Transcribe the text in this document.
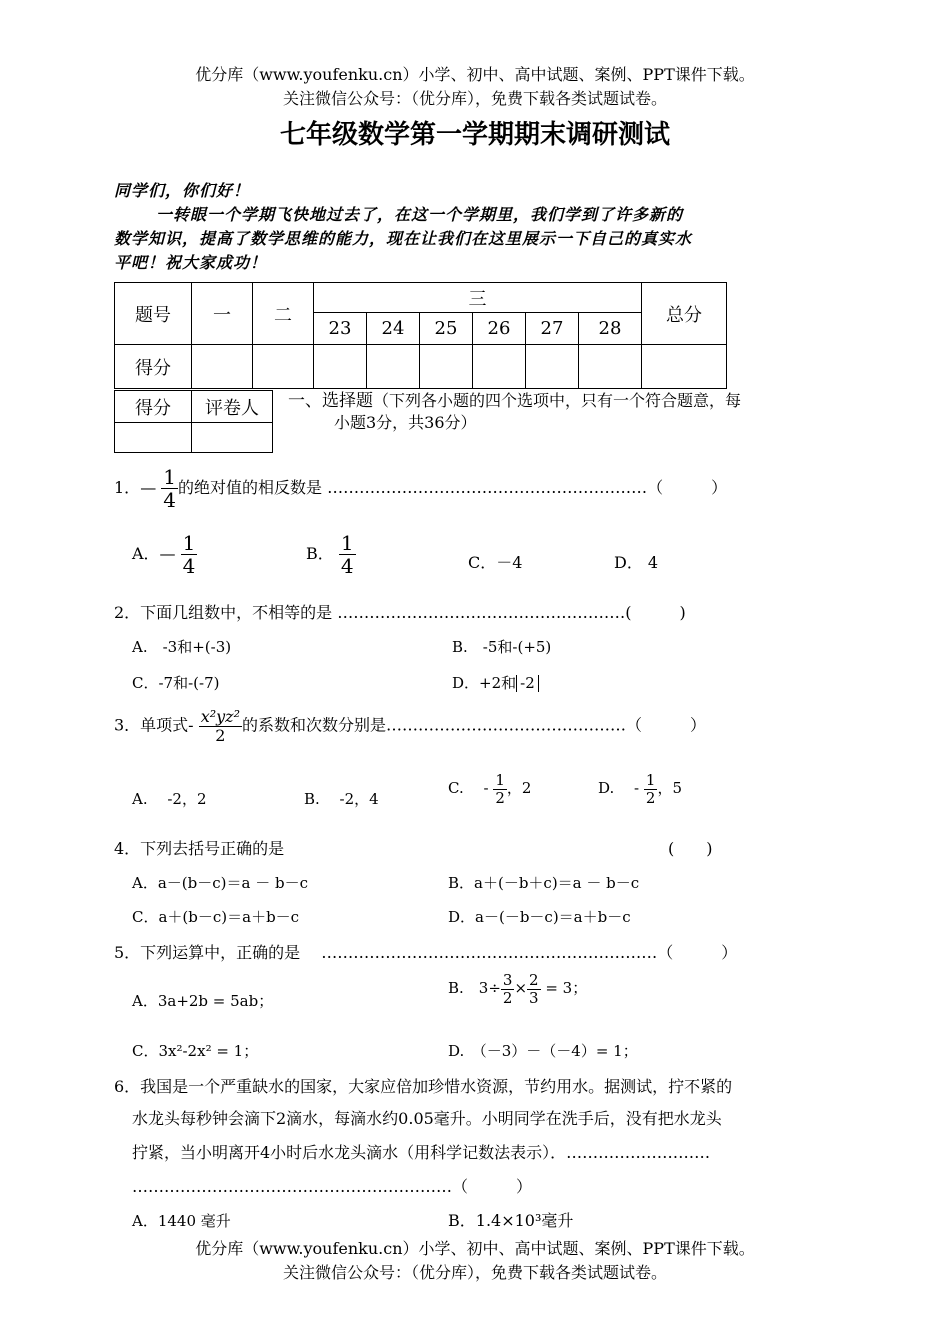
优分库（www.youfenku.cn）小学、初中、高中试题、案例、PPT课件下载。
关注微信公众号：（优分库），免费下载各类试题试卷。
七年级数学第一学期期末调研测试
同学们，你们好！
一转眼一个学期飞快地过去了，在这一个学期里，我们学到了许多新的
数学知识，提高了数学思维的能力，现在让我们在这里展示一下自己的真实水
平吧！祝大家成功！
题号	一	二	三						总分
			23	24	25	26	27	28	
得分									
得分	评卷人
	一、选择题（下列各小题的四个选项中，只有一个符合题意，每
小题3分，共36分）
1．— $\frac{1}{4}$ 的绝对值的相反数是 ……………………………………………………（　　　）
A．— $\frac{1}{4}$	B． $\frac{1}{4}$	C．－4	D． 4
2．下面几组数中，不相等的是 ………………………………………………(　　　)
A.　-3和+(-3)	B.　-5和-(+5)
C．-7和-(-7)	D．+2和 -2
3．单项式- $\frac{\text{x²yz²}}{2}$ 的系数和次数分别是………………………………………（　　　）
A.　 -2，2	B.　 -2，4
C.　 - $\frac{1}{2}$ ，2	D.　 - $\frac{1}{2}$ ，5
4．下列去括号正确的是	(　　)
A．a－(b－c)＝a － b－c	B．a＋(－b＋c)＝a － b－c
C．a＋(b－c)＝a＋b－c	D．a－(－b－c)＝a＋b－c
5．下列运算中，正确的是　 ………………………………………………………（　　　）
A．3a+2b = 5ab；
B.　$3\div \frac{3}{2} \times \frac{2}{3} = 3$；
C．3x²-2x² = 1；	D.　（－3）－（－4）= 1；
6．我国是一个严重缺水的国家，大家应倍加珍惜水资源，节约用水。据测试，拧不紧的
水龙头每秒钟会滴下2滴水，每滴水约0.05毫升。小明同学在洗手后，没有把水龙头
拧紧，当小明离开4小时后水龙头滴水（用科学记数法表示）．………………………
……………………………………………………（　　　）
A．1440 毫升	B．1.4×10³毫升
优分库（www.youfenku.cn）小学、初中、高中试题、案例、PPT课件下载。
关注微信公众号：（优分库），免费下载各类试题试卷。
